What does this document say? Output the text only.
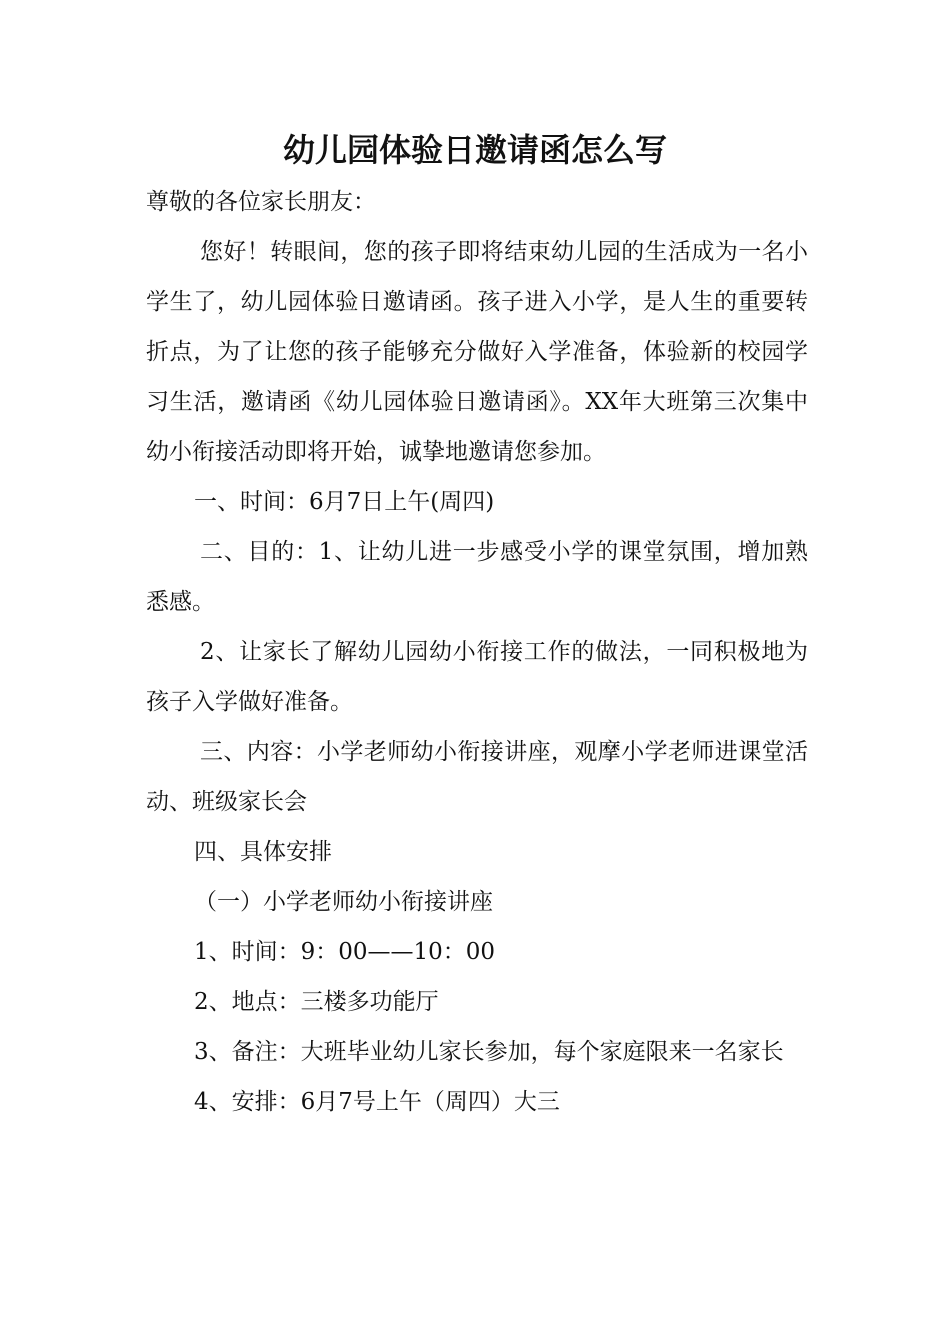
幼儿园体验日邀请函怎么写

尊敬的各位家长朋友：

您好！转眼间，您的孩子即将结束幼儿园的生活成为一名小学生了，幼儿园体验日邀请函。孩子进入小学，是人生的重要转折点，为了让您的孩子能够充分做好入学准备，体验新的校园学习生活，邀请函《幼儿园体验日邀请函》。XX年大班第三次集中幼小衔接活动即将开始，诚挚地邀请您参加。

一、时间：6月7日上午(周四)

二、目的：1、让幼儿进一步感受小学的课堂氛围，增加熟悉感。

2、让家长了解幼儿园幼小衔接工作的做法，一同积极地为孩子入学做好准备。

三、内容：小学老师幼小衔接讲座，观摩小学老师进课堂活动、班级家长会

四、具体安排

（一）小学老师幼小衔接讲座

1、时间：9：00——10：00

2、地点：三楼多功能厅

3、备注：大班毕业幼儿家长参加，每个家庭限来一名家长

4、安排：6月7号上午（周四）大三
